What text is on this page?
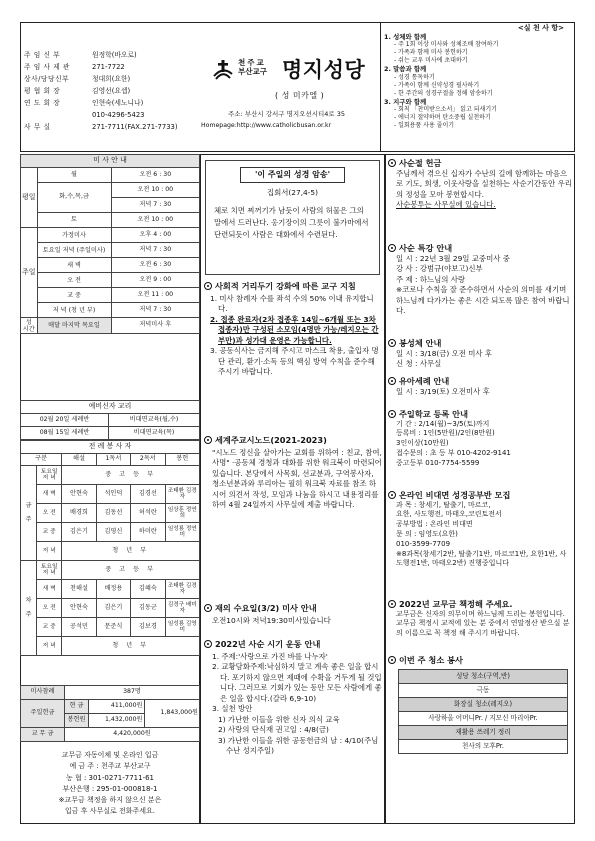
주 임 신 부	원정학(바오로)
주 임 사 제 관	271-7722
상사/당당신부	청대희(요한)
평 협 회 장	김영선(요셉)
연 도 회 장	인현숙(세노니나)
010-4296-5423
사 무 실	271-7711(FAX.271-7733)
천주교
부산교구 명지성당
( 성 미카엘 )
주소: 부산시 강서구 명지오션시티4로 35
Homepage:http://www.catholicbusan.or.kr
<실 천 사 항>
1. 성체와 함께
- 주 1회 이상 미사와 성체조배 참여하기
- 가족과 함께 미사 봉헌하기
- 쉬는 교우 미사에 초대하기
2. 말씀과 함께
- 성경 통독하기
- 가족이 함께 신약성경 필사하기
- 한 주간의 성경구절을 정해 암송하기
3. 지구와 함께
- 회칙 「찬미받으소서」 읽고 되새기기
- 에너지 절약하며 탄소중립 실천하기
- 일회용품 사용 줄이기
미 사 안 내		
평일	월	오전 6 : 30
	화,수,목,금	오전 10 : 00
		저녁 7 : 30
	토	오전 10 : 00
주일	가정미사	오후 4 : 00
	토요일 저녁 (주일미사)	저녁 7 : 30
	새 벽	오전 6 : 30
	오 전	오전 9 : 00
	교 중	오전 11 : 00
	저 녁 (청 년 부)	저녁 7 : 30
성 시간	매달 마지막 목요일	저녁미사 후
예비신자 교리	
02월 20일 세례반	비대면교육(월,수)
08월 15일 세례반	비대면교육(목)
전 례 봉 사 자					
구분		해설	1독서	2독서	봉헌
금 주	토요일 저 녁	중 고 등 부			
	새 벽	안현숙	석인덕	김경선	조태환 김경자
	오 전	배경희	김동선	허석란	임상훈 정연희
	교 중	김은기	김영신	하미란	임성룡 정연미
	저 녁	청 년 부			
차 주	토요일 저 녁	중 고 등 부			
	새 벽	천해설	배정용	김혜숙	조태환 김경자
	오 전	안현숙	김은기	김동군	김경구 배미자
	교 중	공석민	문준식	김보경	임성룡 김영미
	저 녁	청 년 부			
미사참례	387명		
주일헌금	현 금	411,000원	1,843,000원
	봉헌원	1,432,000원	
교 무 금	4,420,000원		
교무금 자동이체 및 온라인 입금
예 금 주 : 천주교 부산교구
농 협 : 301-0271-7711-61
부산은행 : 295-01-000818-1
※교무금 책정을 하지 않으신 분은
입금 후 사무실로 전화주세요.
'이 주일의 성경 암송'
집회서(27,4-5)
체로 치면 찌꺼기가 남듯이 사람의 허물은 그의 말에서 드러난다. 옹기장이의 그릇이 불가마에서 단련되듯이 사람은 대화에서 수련된다.
사회적 거리두기 강화에 따른 교구 지침
1. 미사 참례자 수를 좌석 수의 50% 이내 유지합니다.
2. 접종 완료자(2차 접종후 14일~6개월 또는 3차 접종자)만 구성된 소모임(4명만 가능/레지오는 간부만)과 성가대 운영은 가능합니다.
3. 공동식사는 금지해 주시고 마스크 착용, 출입자 명단 관리, 환기·소독 등의 핵심 방역 수칙을 준수해 주시기 바랍니다.
세계주교시노드(2021-2023)
"시노드 정신을 살아가는 교회를 위하여 : 친교, 참여, 사명" ·공동체 경청과 대화를 위한 워크북이 마련되어 있습니다. 본당에서 사목회, 선교분과, 구역봉사자, 청소년분과와 루리아는 필히 워크북 자료를 참조 하시어 의견서 작성, 모임과 나눔을 하시고 내용정리를 하여 4월 24일까지 사무실에 제출 바랍니다.
재의 수요일(3/2) 미사 안내
오전10시와 저녁19:30미사있습니다
2022년 사순 시기 운동 안내
1. 주제:'사랑으로 가진 바를 나누자'
2. 교황담화주제:낙심하지 말고 계속 좋은 일을 합시다. 포기하지 않으면 제때에 수확을 거두게 될 것입니다. 그러므로 기회가 있는 동안 모든 사람에게 좋은 일을 합시다.(갈라 6,9-10)
3. 실천 방안
1) 가난한 이들을 위한 신자 의식 교육
2) 사랑의 단식재 권고일 : 4/8(금)
3) 가난한 이들을 위한 공동헌금의 날 : 4/10(주님 수난 성지주일)
사순절 헌금
주님께서 겪으신 십자가 수난의 길에 함께하는 마음으로 기도, 희생, 이웃사랑을 실천하는 사순기간동안 우리의 정성을 모아 봉헌합시다.
사순봉투는 사무실에 있습니다.
사순 특강 안내
일 시 : 22년 3월 29일 교중미사 중
강 사 : 강범규(야보고)신부
주 제 : 하느님의 사랑
※코로나 수칙을 잘 준수하면서 사순의 의미를 새기며 하느님께 다가가는 좋은 시간 되도록 많은 참여 바랍니다.
봉성체 안내
일 시 : 3/18(금) 오전 미사 후
신 청 : 사무실
유아세례 안내
일 시 : 3/19(토) 오전미사 후
주일학교 등록 안내
기 간 : 2/14(월)~3/5(토)까지
등록비 : 1인(5만원)/2인(8만원)
3인이상(10만원)
접수문의 : 초 등 부 010-4202-9141
중고등부 010-7754-5599
온라인 비대면 성경공부반 모집
과 목 : 창세기, 탈출기, 마르코,
요한, 사도행전, 마태오,코린토전서
공부방법 : 온라인 비대면
문 의 : 임영도(요한)
010-3599-7709
※8과목(창세기2반, 탈출기1반, 마르코1반, 요한1반, 사도행전1반, 마태오2반) 진행중입니다
2022년 교무금 책정해 주세요.
교무금은 신자의 의무이며 하느님께 드리는 봉헌입니다. 교무금 책정시 교적에 있는 분 중에서 연말정산 받으실 분의 이름으로 꼭 책정 해 주시기 바랍니다.
이번 주 청소 봉사
성당 청소(구역,반)
극동
화장실 청소(레지오)
사랑하올 어머니Pr. / 지모신 마리아Pr.
재활용 쓰레기 정리
천사의 모후Pr.
